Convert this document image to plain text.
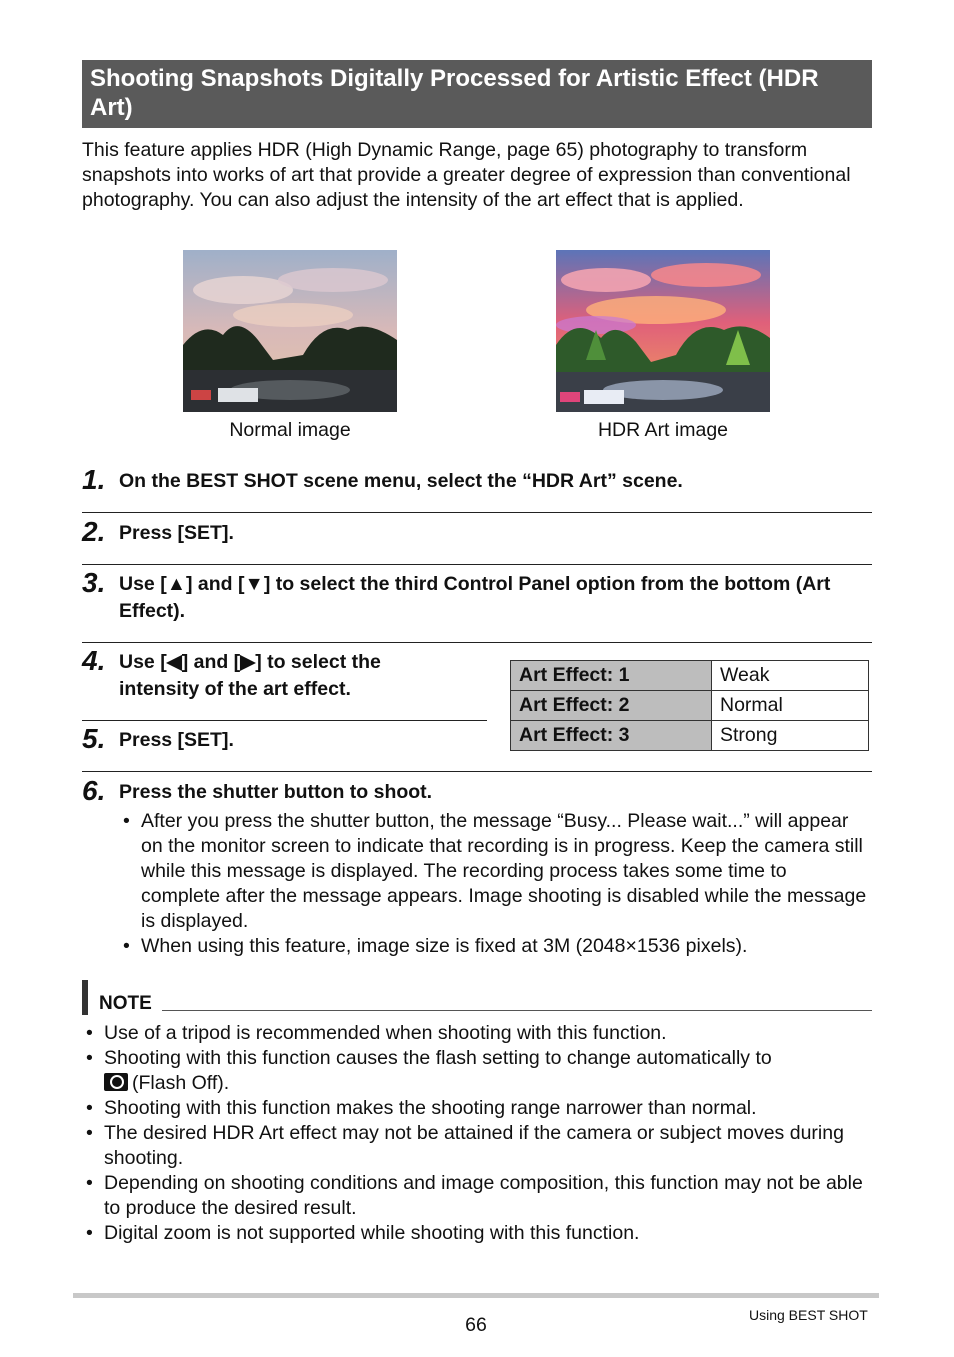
Shooting Snapshots Digitally Processed for Artistic Effect (HDR Art)
This feature applies HDR (High Dynamic Range, page 65) photography to transform snapshots into works of art that provide a greater degree of expression than conventional photography. You can also adjust the intensity of the art effect that is applied.
Normal image	HDR Art image
1. On the BEST SHOT scene menu, select the “HDR Art” scene.
2. Press [SET].
3. Use [▲] and [▼] to select the third Control Panel option from the bottom (Art Effect).
4. Use [◀] and [▶] to select the intensity of the art effect.
5. Press [SET].
Art Effect: 1	Weak
Art Effect: 2	Normal
Art Effect: 3	Strong
6. Press the shutter button to shoot.
• After you press the shutter button, the message “Busy... Please wait...” will appear on the monitor screen to indicate that recording is in progress. Keep the camera still while this message is displayed. The recording process takes some time to complete after the message appears. Image shooting is disabled while the message is displayed.
• When using this feature, image size is fixed at 3M (2048×1536 pixels).
NOTE
• Use of a tripod is recommended when shooting with this function.
• Shooting with this function causes the flash setting to change automatically to
(Flash Off).
• Shooting with this function makes the shooting range narrower than normal.
• The desired HDR Art effect may not be attained if the camera or subject moves during shooting.
• Depending on shooting conditions and image composition, this function may not be able to produce the desired result.
• Digital zoom is not supported while shooting with this function.
66	Using BEST SHOT
